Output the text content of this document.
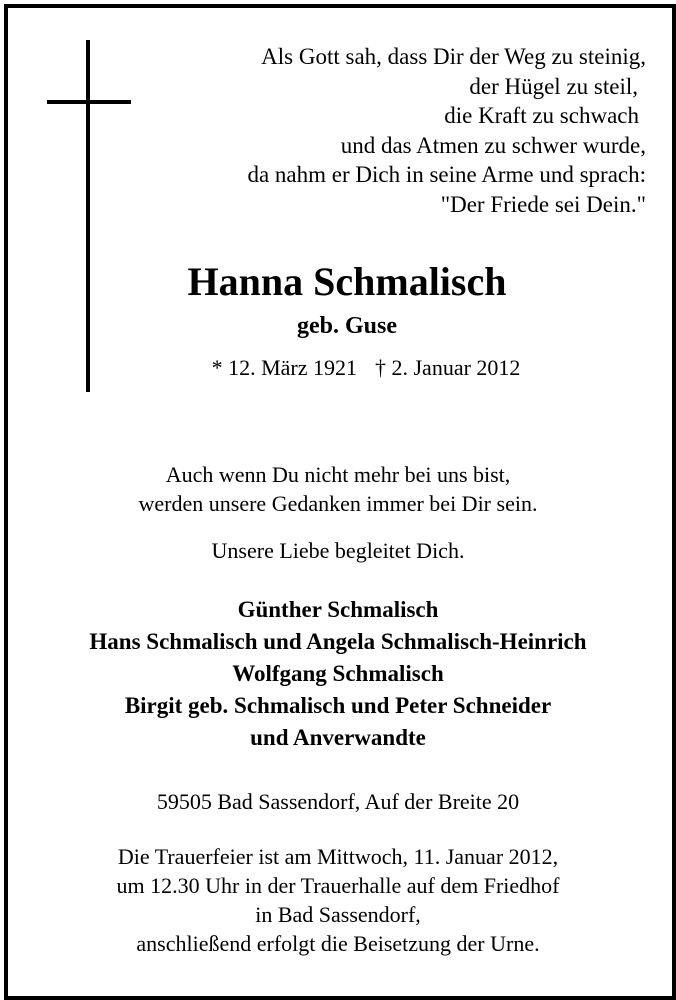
Als Gott sah, dass Dir der Weg zu steinig,
der Hügel zu steil,
die Kraft zu schwach
und das Atmen zu schwer wurde,
da nahm er Dich in seine Arme und sprach:
"Der Friede sei Dein."
Hanna Schmalisch
geb. Guse
* 12. März 1921 † 2. Januar 2012
Auch wenn Du nicht mehr bei uns bist,
werden unsere Gedanken immer bei Dir sein.
Unsere Liebe begleitet Dich.
Günther Schmalisch
Hans Schmalisch und Angela Schmalisch-Heinrich
Wolfgang Schmalisch
Birgit geb. Schmalisch und Peter Schneider
und Anverwandte
59505 Bad Sassendorf, Auf der Breite 20
Die Trauerfeier ist am Mittwoch, 11. Januar 2012,
um 12.30 Uhr in der Trauerhalle auf dem Friedhof
in Bad Sassendorf,
anschließend erfolgt die Beisetzung der Urne.
